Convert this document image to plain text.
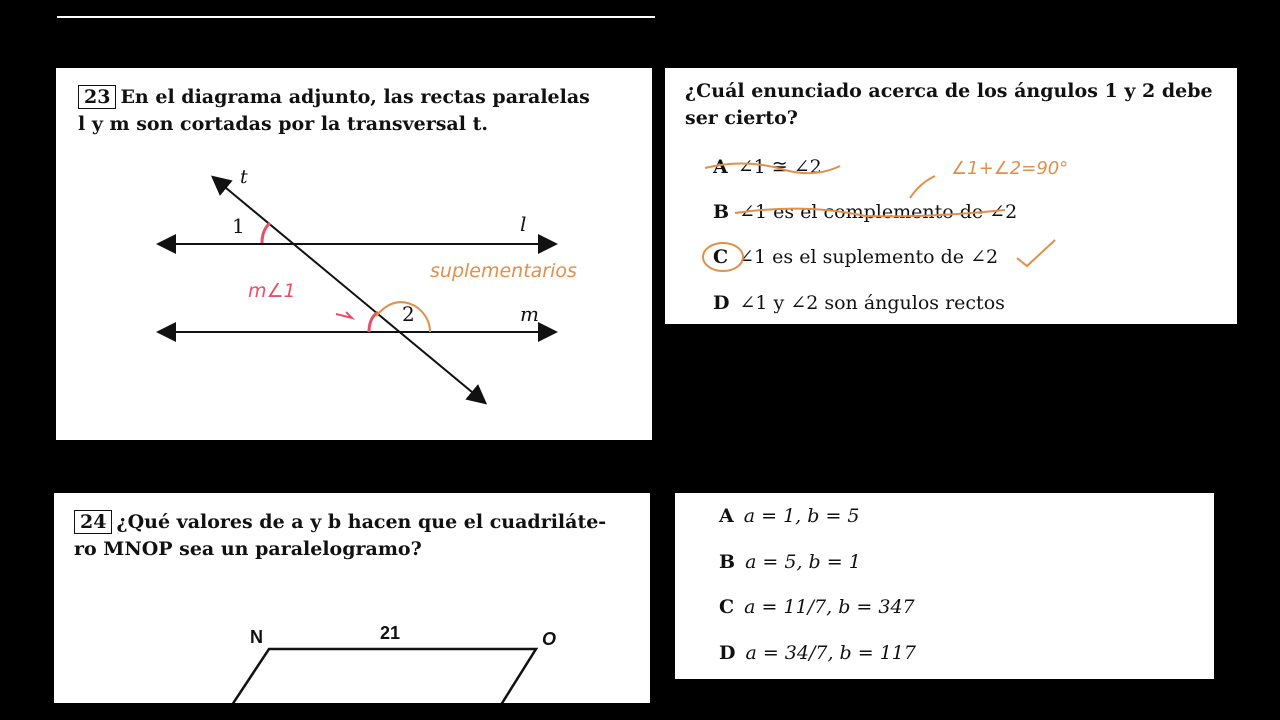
23 En el diagrama adjunto, las rectas paralelas
l y m son cortadas por la transversal t.
t
1	l
2	m
suplementarios
m∠1
¿Cuál enunciado acerca de los ángulos 1 y 2 debe
ser cierto?
A ∠1 ≅ ∠2
B ∠1 es el complemento de ∠2
C ∠1 es el suplemento de ∠2
D ∠1 y ∠2 son ángulos rectos
∠1+∠2=90°
24 ¿Qué valores de a y b hacen que el cuadriláte-
ro MNOP sea un paralelogramo?
N	21	O
A a = 1, b = 5
B a = 5, b = 1
C a = 11/7, b = 347
D a = 34/7, b = 117
